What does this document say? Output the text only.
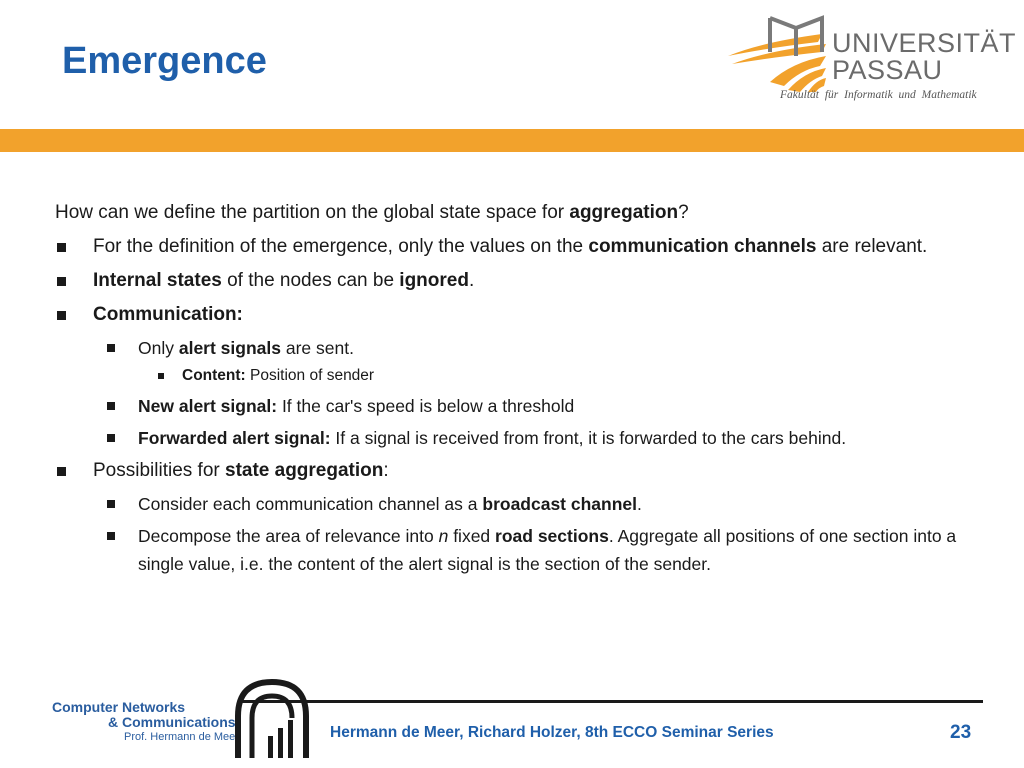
Emergence	UNIVERSITÄT
PASSAU
Fakultät für Informatik und Mathematik
How can we define the partition on the global state space for aggregation?
For the definition of the emergence, only the values on the communication channels are relevant.
Internal states of the nodes can be ignored.
Communication:
Only alert signals are sent.
Content: Position of sender
New alert signal: If the car's speed is below a threshold
Forwarded alert signal: If a signal is received from front, it is forwarded to the cars behind.
Possibilities for state aggregation:
Consider each communication channel as a broadcast channel.
Decompose the area of relevance into n fixed road sections. Aggregate all positions of one section into a single value, i.e. the content of the alert signal is the section of the sender.
Computer Networks
& Communications
Prof. Hermann de Meer	Hermann de Meer, Richard Holzer, 8th ECCO Seminar Series	23
